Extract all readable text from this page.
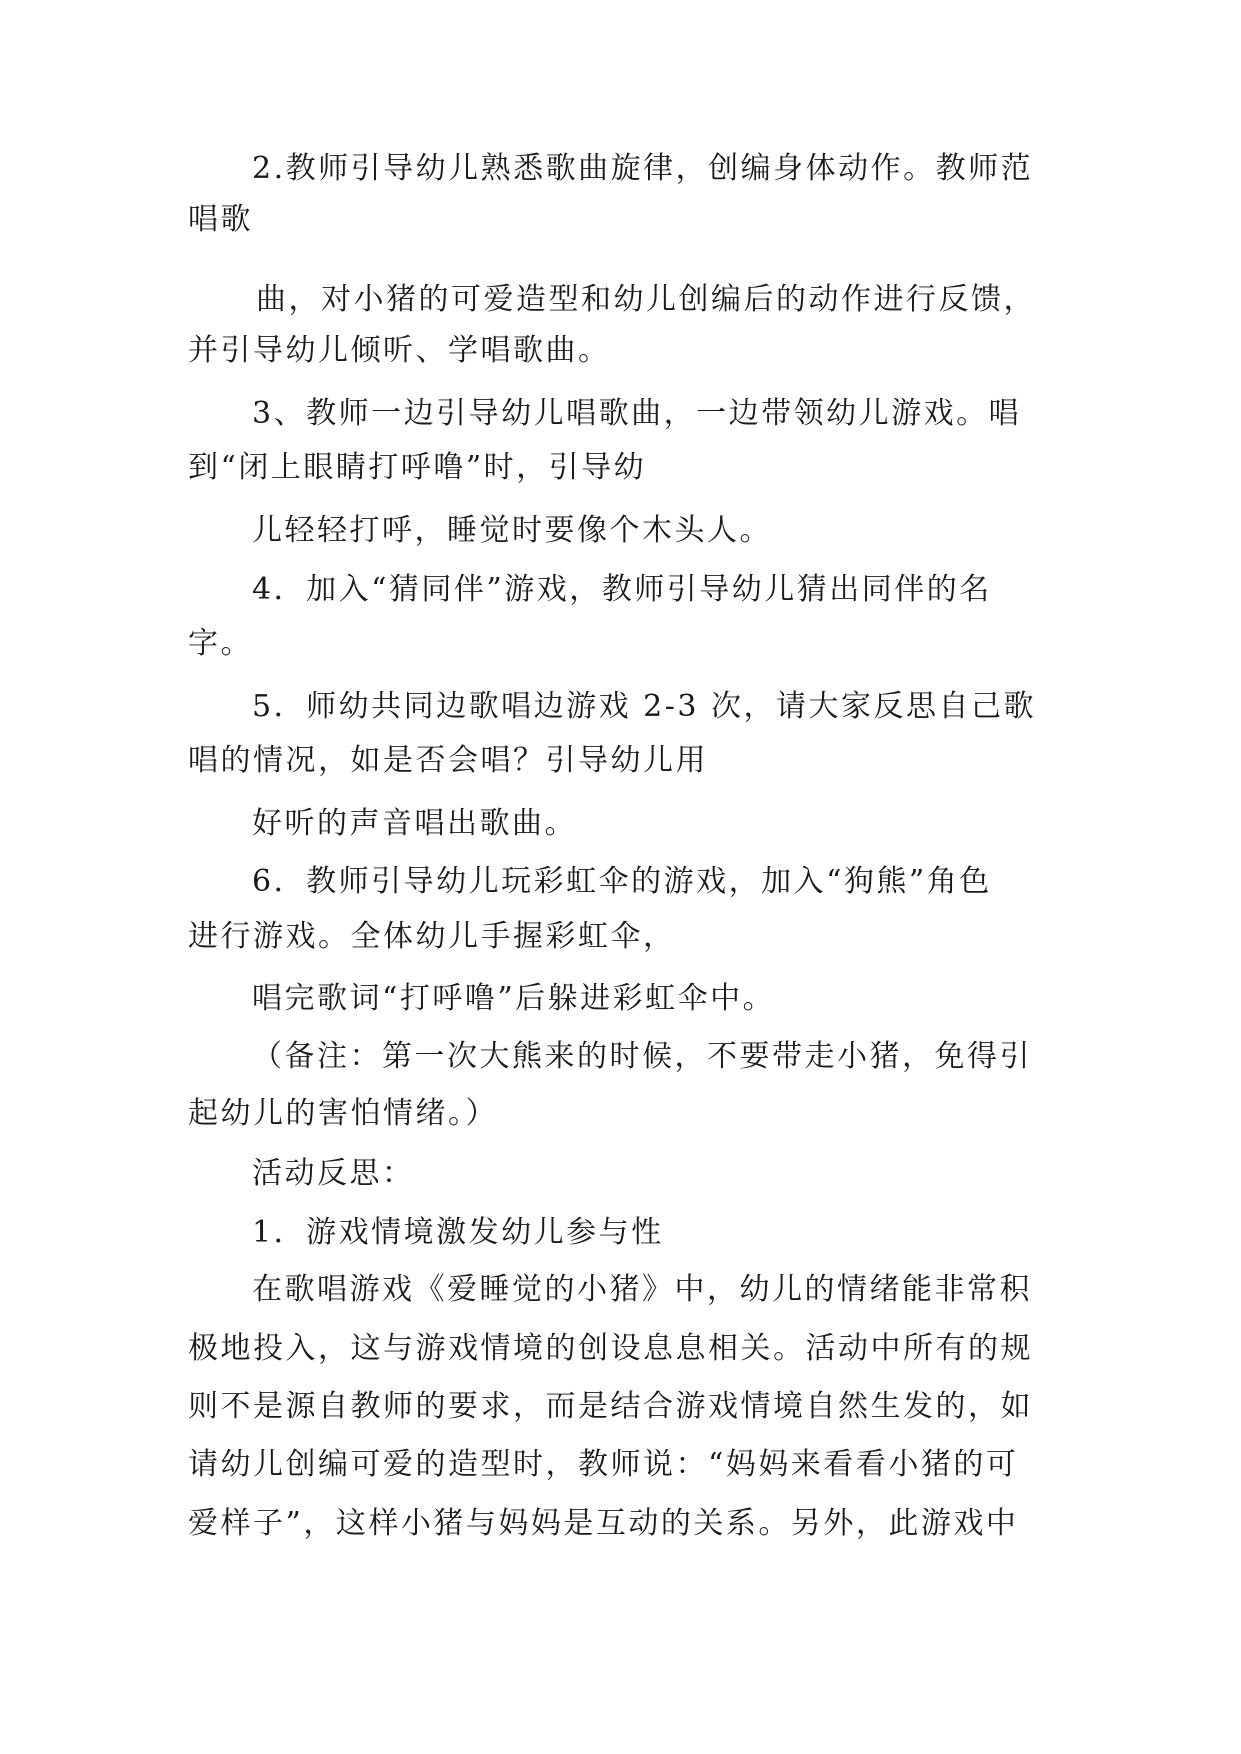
2.教师引导幼儿熟悉歌曲旋律，创编身体动作。教师范

唱歌

曲，对小猪的可爱造型和幼儿创编后的动作进行反馈，

并引导幼儿倾听、学唱歌曲。

3、教师一边引导幼儿唱歌曲，一边带领幼儿游戏。唱

到“闭上眼睛打呼噜”时，引导幼

儿轻轻打呼，睡觉时要像个木头人。

4．加入“猜同伴”游戏，教师引导幼儿猜出同伴的名

字。

5．师幼共同边歌唱边游戏 2-3 次，请大家反思自己歌

唱的情况，如是否会唱？引导幼儿用

好听的声音唱出歌曲。

6．教师引导幼儿玩彩虹伞的游戏，加入“狗熊”角色

进行游戏。全体幼儿手握彩虹伞，

唱完歌词“打呼噜”后躲进彩虹伞中。

（备注：第一次大熊来的时候，不要带走小猪，免得引

起幼儿的害怕情绪。）

活动反思：

1．游戏情境激发幼儿参与性

在歌唱游戏《爱睡觉的小猪》中，幼儿的情绪能非常积

极地投入，这与游戏情境的创设息息相关。活动中所有的规

则不是源自教师的要求，而是结合游戏情境自然生发的，如

请幼儿创编可爱的造型时，教师说：“妈妈来看看小猪的可

爱样子”，这样小猪与妈妈是互动的关系。另外，此游戏中
